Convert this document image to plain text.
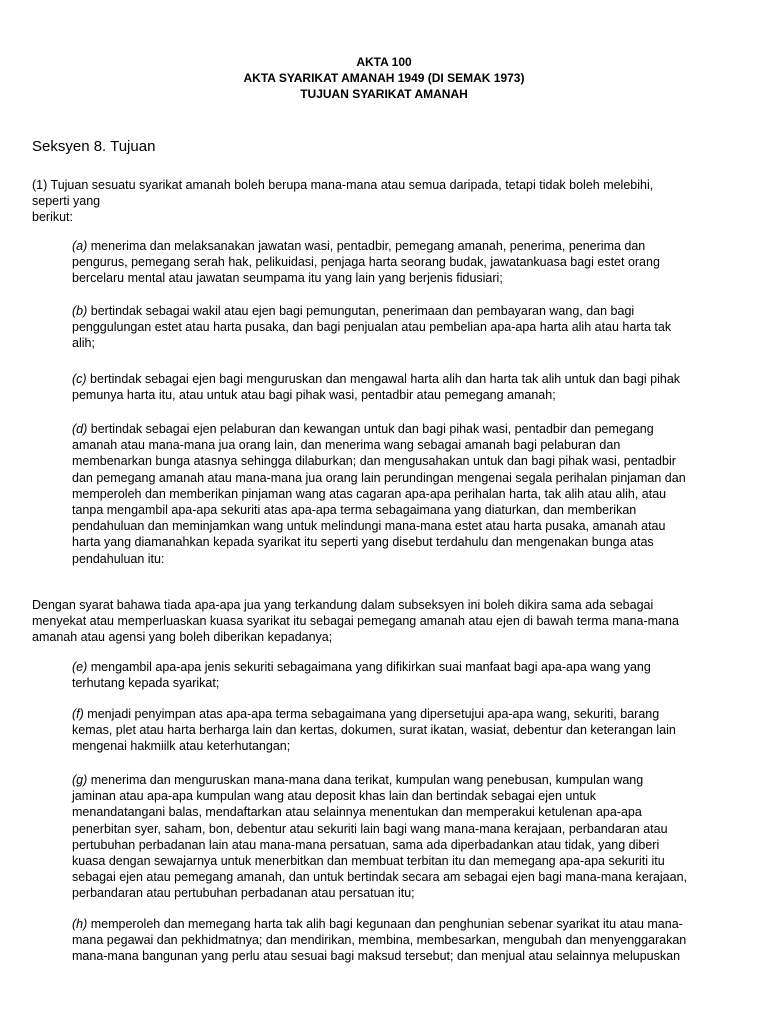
AKTA 100
AKTA SYARIKAT AMANAH 1949 (DI SEMAK 1973)
TUJUAN SYARIKAT AMANAH
Seksyen 8. Tujuan

(1) Tujuan sesuatu syarikat amanah boleh berupa mana-mana atau semua daripada, tetapi tidak boleh melebihi,
seperti yang
berikut:

(a) menerima dan melaksanakan jawatan wasi, pentadbir, pemegang amanah, penerima, penerima dan
pengurus, pemegang serah hak, pelikuidasi, penjaga harta seorang budak, jawatankuasa bagi estet orang
bercelaru mental atau jawatan seumpama itu yang lain yang berjenis fidusiari;

(b) bertindak sebagai wakil atau ejen bagi pemungutan, penerimaan dan pembayaran wang, dan bagi
penggulungan estet atau harta pusaka, dan bagi penjualan atau pembelian apa-apa harta alih atau harta tak
alih;

(c) bertindak sebagai ejen bagi menguruskan dan mengawal harta alih dan harta tak alih untuk dan bagi pihak
pemunya harta itu, atau untuk atau bagi pihak wasi, pentadbir atau pemegang amanah;

(d) bertindak sebagai ejen pelaburan dan kewangan untuk dan bagi pihak wasi, pentadbir dan pemegang
amanah atau mana-mana jua orang lain, dan menerima wang sebagai amanah bagi pelaburan dan
membenarkan bunga atasnya sehingga dilaburkan; dan mengusahakan untuk dan bagi pihak wasi, pentadbir
dan pemegang amanah atau mana-mana jua orang lain perundingan mengenai segala perihalan pinjaman dan
memperoleh dan memberikan pinjaman wang atas cagaran apa-apa perihalan harta, tak alih atau alih, atau
tanpa mengambil apa-apa sekuriti atas apa-apa terma sebagaimana yang diaturkan, dan memberikan
pendahuluan dan meminjamkan wang untuk melindungi mana-mana estet atau harta pusaka, amanah atau
harta yang diamanahkan kepada syarikat itu seperti yang disebut terdahulu dan mengenakan bunga atas
pendahuluan itu:

Dengan syarat bahawa tiada apa-apa jua yang terkandung dalam subseksyen ini boleh dikira sama ada sebagai
menyekat atau memperluaskan kuasa syarikat itu sebagai pemegang amanah atau ejen di bawah terma mana-mana
amanah atau agensi yang boleh diberikan kepadanya;

(e) mengambil apa-apa jenis sekuriti sebagaimana yang difikirkan suai manfaat bagi apa-apa wang yang
terhutang kepada syarikat;

(f) menjadi penyimpan atas apa-apa terma sebagaimana yang dipersetujui apa-apa wang, sekuriti, barang
kemas, plet atau harta berharga lain dan kertas, dokumen, surat ikatan, wasiat, debentur dan keterangan lain
mengenai hakmiilk atau keterhutangan;

(g) menerima dan menguruskan mana-mana dana terikat, kumpulan wang penebusan, kumpulan wang
jaminan atau apa-apa kumpulan wang atau deposit khas lain dan bertindak sebagai ejen untuk
menandatangani balas, mendaftarkan atau selainnya menentukan dan memperakui ketulenan apa-apa
penerbitan syer, saham, bon, debentur atau sekuriti lain bagi wang mana-mana kerajaan, perbandaran atau
pertubuhan perbadanan lain atau mana-mana persatuan, sama ada diperbadankan atau tidak, yang diberi
kuasa dengan sewajarnya untuk menerbitkan dan membuat terbitan itu dan memegang apa-apa sekuriti itu
sebagai ejen atau pemegang amanah, dan untuk bertindak secara am sebagai ejen bagi mana-mana kerajaan,
perbandaran atau pertubuhan perbadanan atau persatuan itu;

(h) memperoleh dan memegang harta tak alih bagi kegunaan dan penghunian sebenar syarikat itu atau mana-
mana pegawai dan pekhidmatnya; dan mendirikan, membina, membesarkan, mengubah dan menyenggarakan
mana-mana bangunan yang perlu atau sesuai bagi maksud tersebut; dan menjual atau selainnya melupuskan
